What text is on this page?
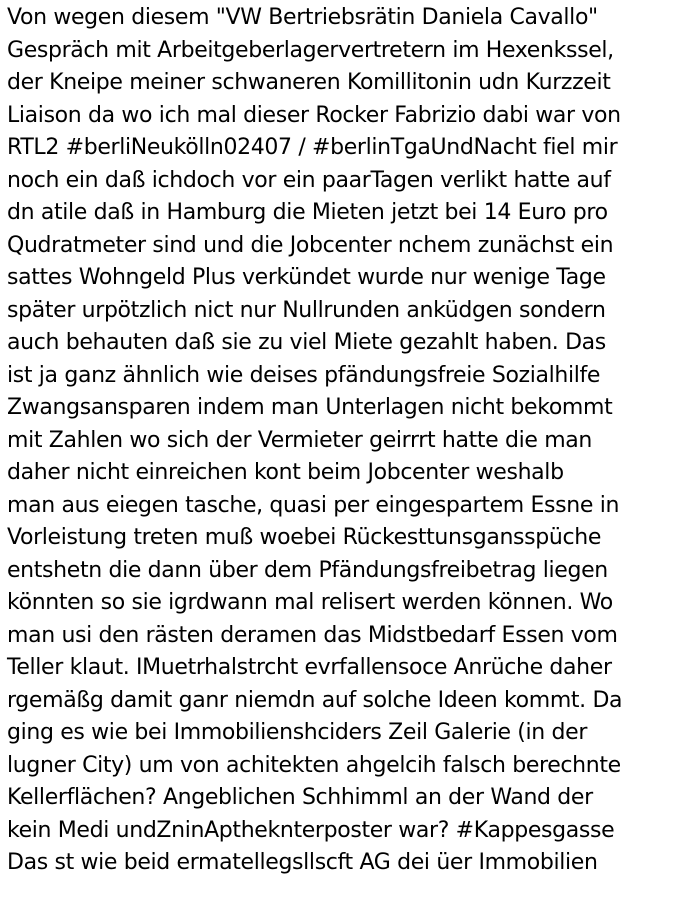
Von wegen diesem "VW Bertriebsrätin Daniela Cavallo"
Gespräch mit Arbeitgeberlagervertretern im Hexenkssel,
der Kneipe meiner schwaneren Komillitonin udn Kurzzeit
Liaison da wo ich mal dieser Rocker Fabrizio dabi war von
RTL2 #berliNeukölln02407 / #berlinTgaUndNacht fiel mir
noch ein daß ichdoch vor ein paarTagen verlikt hatte auf
dn atile daß in Hamburg die Mieten jetzt bei 14 Euro pro
Qudratmeter sind und die Jobcenter nchem zunächst ein
sattes Wohngeld Plus verkündet wurde nur wenige Tage
später urpötzlich nict nur Nullrunden anküdgen sondern
auch behauten daß sie zu viel Miete gezahlt haben. Das
ist ja ganz ähnlich wie deises pfändungsfreie Sozialhilfe
Zwangsansparen indem man Unterlagen nicht bekommt
mit Zahlen wo sich der Vermieter geirrrt hatte die man
daher nicht einreichen kont beim Jobcenter weshalb
man aus eiegen tasche, quasi per eingespartem Essne in
Vorleistung treten muß woebei Rückesttunsgansspüche
entshetn die dann über dem Pfändungsfreibetrag liegen
könnten so sie igrdwann mal relisert werden können. Wo
man usi den rästen deramen das Midstbedarf Essen vom
Teller klaut. IMuetrhalstrcht evrfallensoce Anrüche daher
rgemäßg damit ganr niemdn auf solche Ideen kommt. Da
ging es wie bei Immobilienshciders Zeil Galerie (in der
lugner City) um von achitekten ahgelcih falsch berechnte
Kellerflächen? Angeblichen Schhimml an der Wand der
kein Medi undZninAptheknterposter war? #Kappesgasse
Das st wie beid ermatellegsllscft AG dei üer Immobilien
